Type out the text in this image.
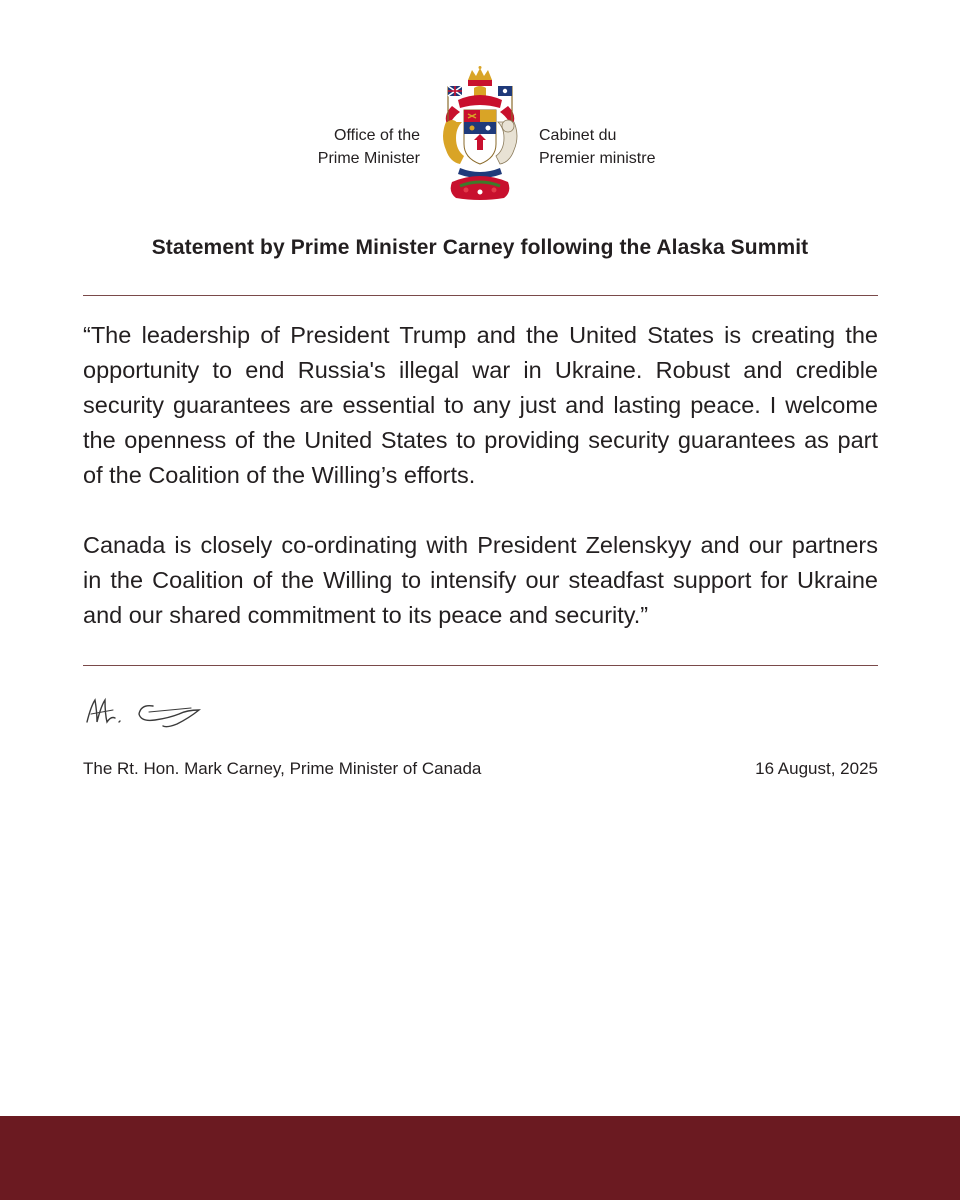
Office of the
Prime Minister
Cabinet du
Premier ministre
Statement by Prime Minister Carney following the Alaska Summit

“The leadership of President Trump and the United States is creating the opportunity to end Russia's illegal war in Ukraine. Robust and credible security guarantees are essential to any just and lasting peace. I welcome the openness of the United States to providing security guarantees as part of the Coalition of the Willing’s efforts.

Canada is closely co-ordinating with President Zelenskyy and our partners in the Coalition of the Willing to intensify our steadfast support for Ukraine and our shared commitment to its peace and security.”

The Rt. Hon. Mark Carney, Prime Minister of Canada	16 August, 2025
